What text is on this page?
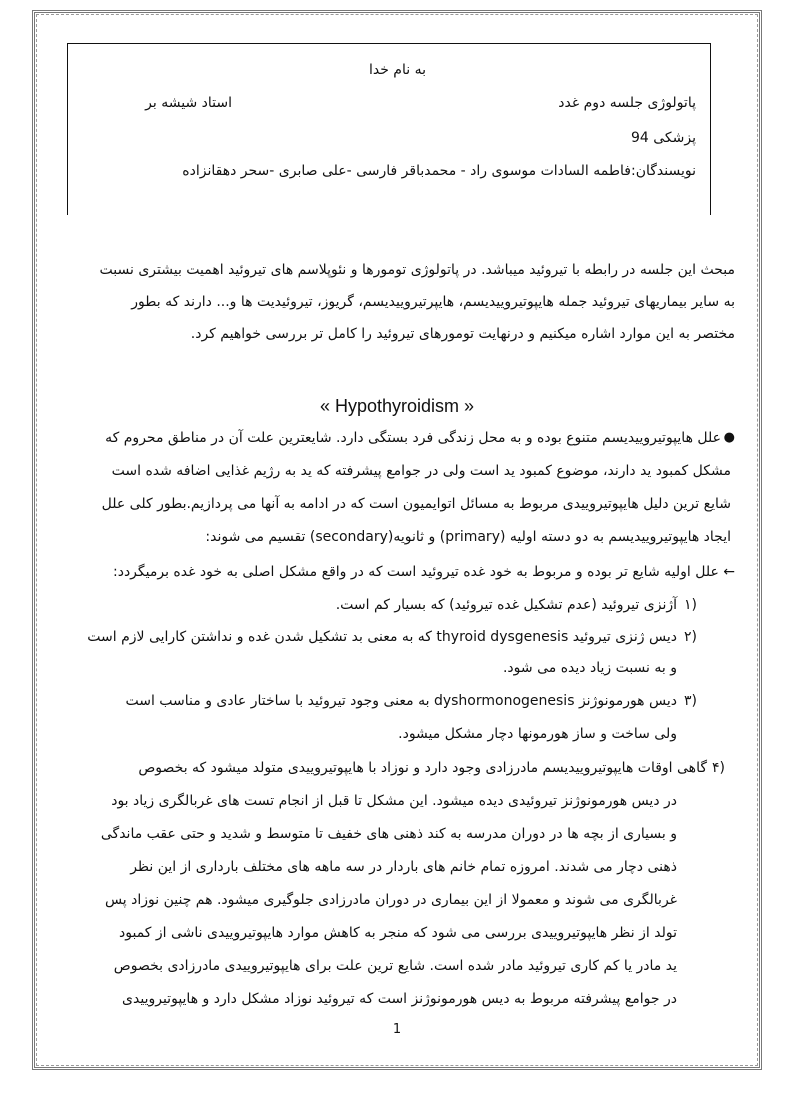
به نام خدا
پاتولوژی جلسه دوم غدد
استاد شیشه بر
پزشکی 94
نویسندگان:فاطمه السادات موسوی راد - محمدباقر فارسی -علی صابری -سحر دهقانزاده
مبحث این جلسه در رابطه با تیروئید میباشد. در پاتولوژی تومورها و نئوپلاسم های تیروئید اهمیت بیشتری نسبت
به سایر بیماریهای تیروئید جمله هایپوتیروییدیسم، هایپرتیروییدیسم، گریوز، تیروئیدیت ها و... دارند که بطور
مختصر به این موارد اشاره میکنیم و درنهایت تومورهای تیروئید را کامل تر بررسی خواهیم کرد.
« Hypothyroidism »
●
علل هایپوتیروییدیسم متنوع بوده و به محل زندگی فرد بستگی دارد. شایعترین علت آن در مناطق محروم که
مشکل کمبود ید دارند، موضوع کمبود ید است ولی در جوامع پیشرفته که ید به رژیم غذایی اضافه شده است
شایع ترین دلیل هایپوتیروییدی مربوط به مسائل اتوایمیون است که در ادامه به آنها می پردازیم.بطور کلی علل
ایجاد هایپوتیروییدیسم به دو دسته اولیه (primary) و ثانویه(secondary) تقسیم می شوند:
← علل اولیه شایع تر بوده و مربوط به خود غده تیروئید است که در واقع مشکل اصلی به خود غده برمیگردد:
۱)
آژنزی تیروئید (عدم تشکیل غده تیروئید) که بسیار کم است.
۲)
دیس ژنزی تیروئید thyroid dysgenesis که به معنی بد تشکیل شدن غده و نداشتن کارایی لازم است
و به نسبت زیاد دیده می شود.
۳)
دیس هورمونوژنز dyshormonogenesis به معنی وجود تیروئید با ساختار عادی و مناسب است
ولی ساخت و ساز هورمونها دچار مشکل میشود.
۴)
گاهی اوقات هایپوتیروییدیسم مادرزادی وجود دارد و نوزاد با هایپوتیروییدی متولد میشود که بخصوص
در دیس هورمونوژنز تیروئیدی دیده میشود. این مشکل تا قبل از انجام تست های غربالگری زیاد بود
و بسیاری از بچه ها در دوران مدرسه به کند ذهنی های خفیف تا متوسط و شدید و حتی عقب ماندگی
ذهنی دچار می شدند. امروزه تمام خانم های باردار در سه ماهه های مختلف بارداری از این نظر
غربالگری می شوند و معمولا از این بیماری در دوران مادرزادی جلوگیری میشود. هم چنین نوزاد پس
تولد از نظر هایپوتیروییدی بررسی می شود که منجر به کاهش موارد هایپوتیروییدی ناشی از کمبود
ید مادر یا کم کاری تیروئید مادر شده است. شایع ترین علت برای هایپوتیروییدی مادرزادی بخصوص
در جوامع پیشرفته مربوط به دیس هورمونوژنز است که تیروئید نوزاد مشکل دارد و هایپوتیروییدی
1
